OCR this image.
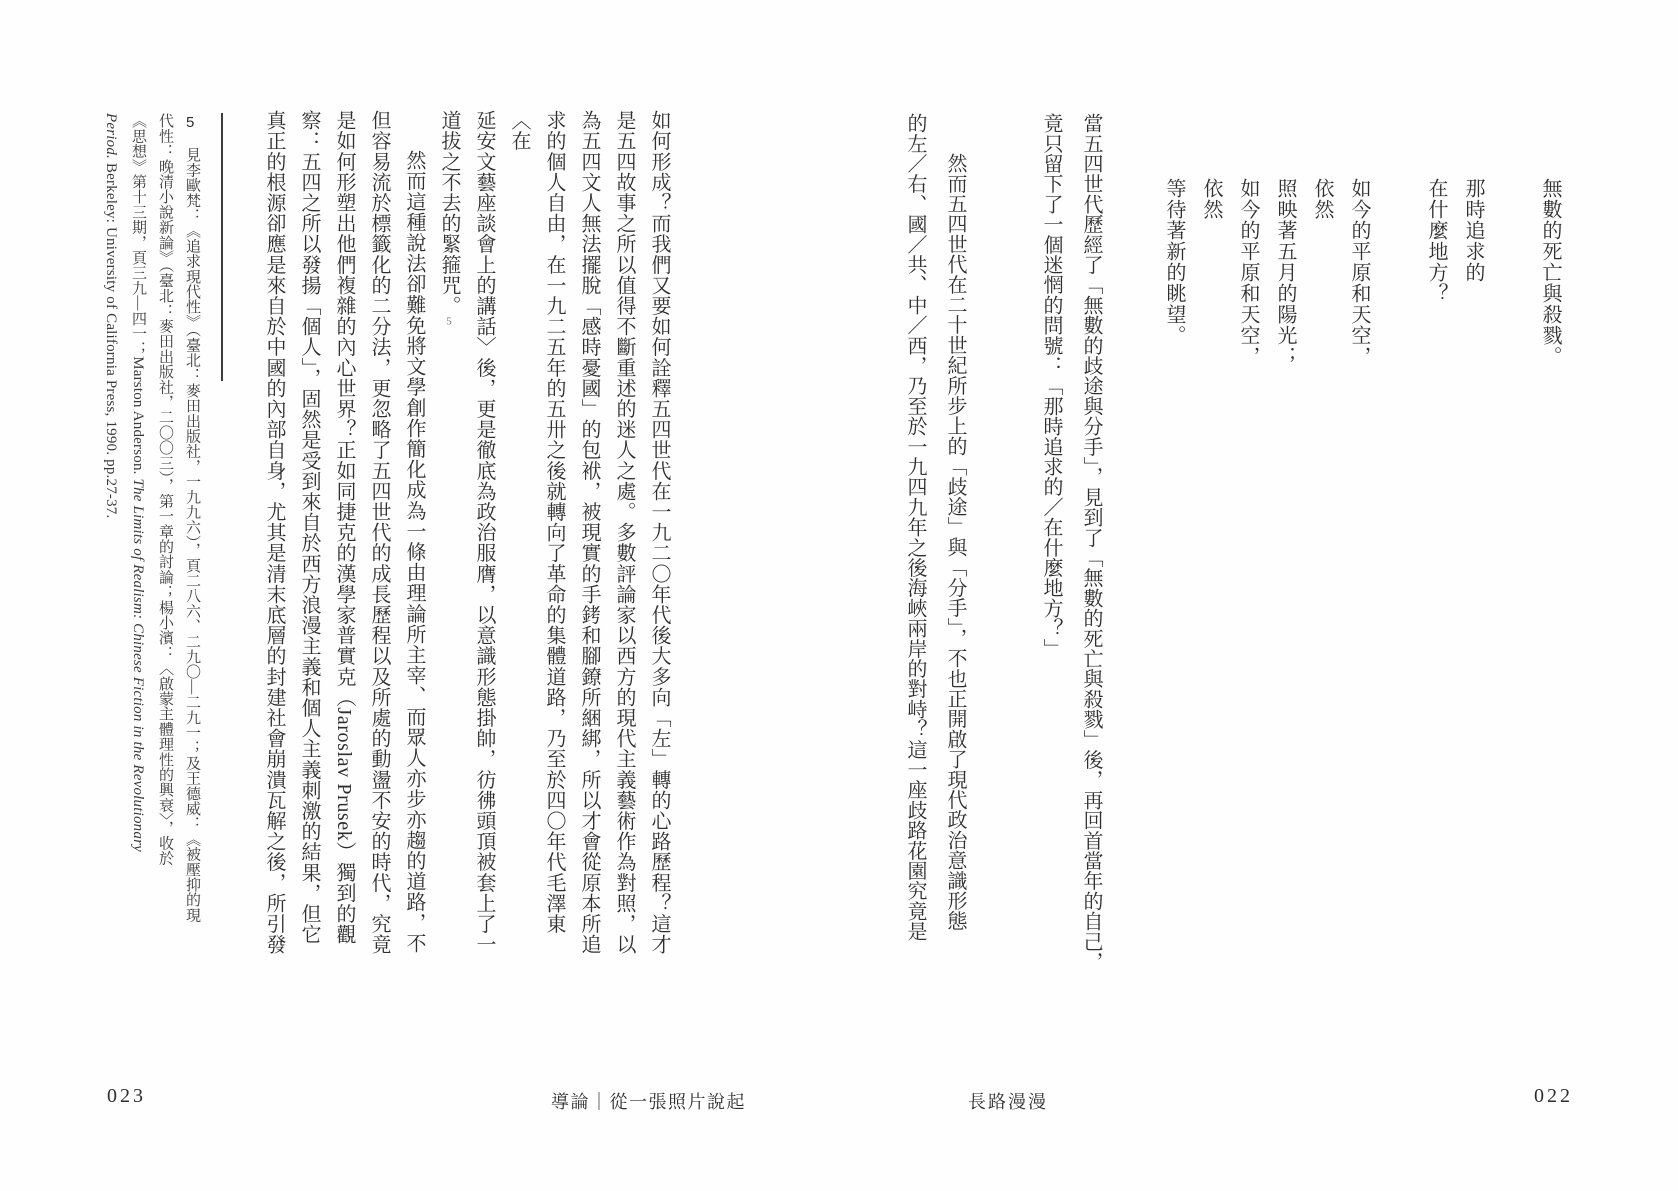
無數的死亡與殺戮。
那時追求的
在什麼地方？
如今的平原和天空，
依然
照映著五月的陽光；
如今的平原和天空，
依然
等待著新的眺望。
當五四世代歷經了「無數的歧途與分手」，見到了「無數的死亡與殺戮」後，再回首當年的自己，
竟只留下了一個迷惘的問號：「那時追求的／在什麼地方？」
然而五四世代在二十世紀所步上的「歧途」與「分手」，不也正開啟了現代政治意識形態
的左／右、國／共、中／西，乃至於一九四九年之後海峽兩岸的對峙？這一座歧路花園究竟是
長路漫漫	022
如何形成？而我們又要如何詮釋五四世代在一九二〇年代後大多向「左」轉的心路歷程？這才
是五四故事之所以值得不斷重述的迷人之處。多數評論家以西方的現代主義藝術作為對照，以
為五四文人無法擺脫「感時憂國」的包袱，被現實的手銬和腳鐐所綑綁，所以才會從原本所追
求的個人自由，在一九二五年的五卅之後就轉向了革命的集體道路，乃至於四〇年代毛澤東〈在
延安文藝座談會上的講話〉後，更是徹底為政治服膺，以意識形態掛帥，彷彿頭頂被套上了一
道拔之不去的緊箍咒。5
然而這種說法卻難免將文學創作簡化成為一條由理論所主宰、而眾人亦步亦趨的道路，不
但容易流於標籤化的二分法，更忽略了五四世代的成長歷程以及所處的動盪不安的時代，究竟
是如何形塑出他們複雜的內心世界？正如同捷克的漢學家普實克（Jaroslav Prusek）獨到的觀
察：五四之所以發揚「個人」，固然是受到來自於西方浪漫主義和個人主義刺激的結果，但它
真正的根源卻應是來自於中國的內部自身，尤其是清末底層的封建社會崩潰瓦解之後，所引發
5
見李歐梵：《追求現代性》（臺北：麥田出版社，一九九六），頁二八六、二九〇—二九一；及王德威：《被壓抑的現
代性：晚清小說新論》（臺北：麥田出版社，二〇〇三），第一章的討論；楊小濱：〈啟蒙主體理性的興衰〉，收於
《思想》第十三期，頁三九—四一；Marston Anderson. The Limits of Realism: Chinese Fiction in the Revolutionary
Period. Berkeley: University of California Press, 1990. pp.27-37.
導論｜從一張照片說起
023
